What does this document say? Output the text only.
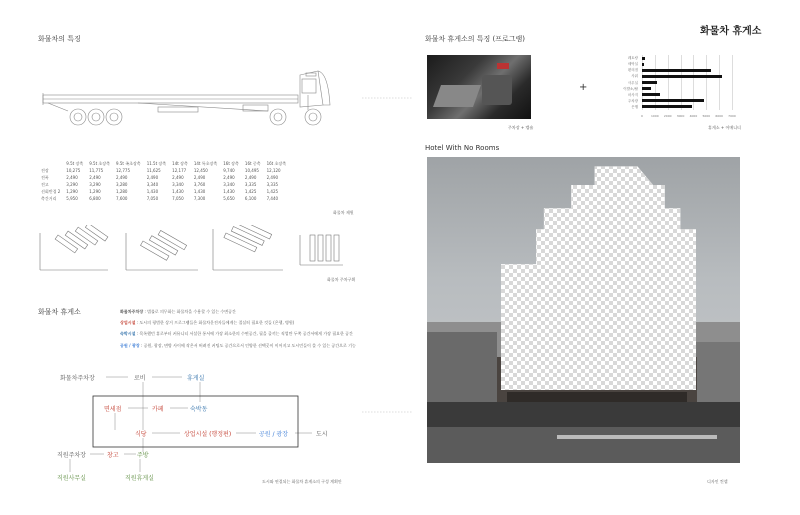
화물차 휴게소
화물차의 특징
	9.5t 장축	9.5t 초장축	9.5t 족초장축	11.5t 장축	14t 장축	14t 특초장축	16t 장축	16t 중축	16t 초장축
전장	10,275	11,775	12,775	11,625	12,177	12,450	9,740	10,495	12,120
전폭	2,490	2,490	2,490	2,490	2,490	2,490	2,490	2,490	2,490
전고	3,290	3,290	3,280	3,340	3,340	3,760	3,340	3,335	3,335
선회반경 2	1,290	1,290	1,280	1,430	1,430	1,430	1,430	1,425	1,425
축간거리	5,950	6,800	7,600	7,050	7,050	7,300	5,650	6,100	7,440
화물차 제원
화물차 주차구획
화물차 휴게소	화물차주차장 : 법률로 의무화는 화물차을 수용할 수 있는 수변공간
상업시설 : 도시의 평범한 상거 프로그램들은 화물차운전자들에게는 절실히 필요한 것들 (은행, 병원)
숙박시설 : 목록했던 휴로부터 커뮤니티 서설한 통서에 가장 최소한의 수면공간, 필을 줄끼는 직업만 두쪽 공간서에게 가장 필요한 공간
공원 / 광장 : 공원, 광장, 면방 사이에 작은서 버려진 커팅도 공간으로서 인양한 선택곳이 이어지고 도시민들이 쓸 수 있는 공간으로 기능
화물차주차장	로비	휴게실
면세점	카페	숙박동
식당	상업시설 (행정편)	공원 / 광장	도시
직원주차장	창고	주방
직원사무실	직원휴게실	도시와 연결되는 화물차 휴게소의 구성 계획안
화물차 휴게소의 특징 (프로그램)
주차장 + 캡슐
+
레토랑
세탁실
편의점
사워
사무실
이발소/탈
마사지
주차장
은행
0	1000 2000 3000 4000 5000 6000 7000
휴게소 + 어메니티
Hotel With No Rooms
디자인 컨셉
